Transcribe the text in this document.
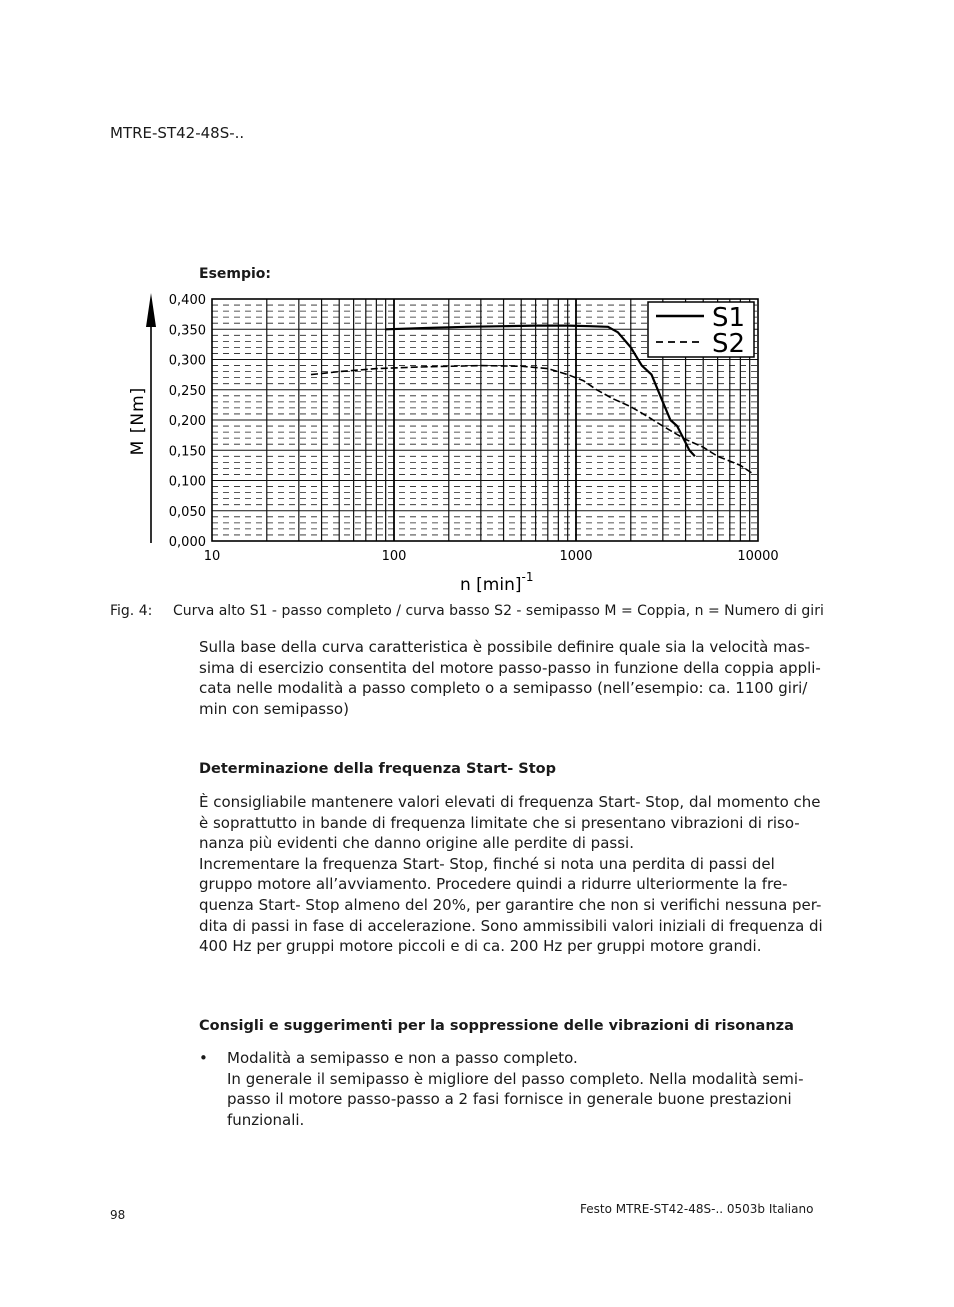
MTRE-ST42-48S-..
Esempio:
0,000
0,050
0,100
0,150
0,200
0,250
0,300
0,350
0,400
10	100	1000	10000
M [Nm]
n $[\min]^{-1}$
S1
S2
Fig. 4: Curva alto S1 - passo completo / curva basso S2 - semipasso M = Coppia, n = Numero di giri
Sulla base della curva caratteristica è possibile definire quale sia la velocità mas-
sima di esercizio consentita del motore passo-passo in funzione della coppia appli-
cata nelle modalità a passo completo o a semipasso (nell’esempio: ca. 1100 giri/
min con semipasso)
Determinazione della frequenza Start- Stop
È consigliabile mantenere valori elevati di frequenza Start- Stop, dal momento che
è soprattutto in bande di frequenza limitate che si presentano vibrazioni di riso-
nanza più evidenti che danno origine alle perdite di passi.
Incrementare la frequenza Start- Stop, finché si nota una perdita di passi del
gruppo motore all’avviamento. Procedere quindi a ridurre ulteriormente la fre-
quenza Start- Stop almeno del 20%, per garantire che non si verifichi nessuna per-
dita di passi in fase di accelerazione. Sono ammissibili valori iniziali di frequenza di
400 Hz per gruppi motore piccoli e di ca. 200 Hz per gruppi motore grandi.
Consigli e suggerimenti per la soppressione delle vibrazioni di risonanza
• Modalità a semipasso e non a passo completo.
In generale il semipasso è migliore del passo completo. Nella modalità semi-
passo il motore passo-passo a 2 fasi fornisce in generale buone prestazioni
funzionali.
98	Festo MTRE-ST42-48S-.. 0503b Italiano
